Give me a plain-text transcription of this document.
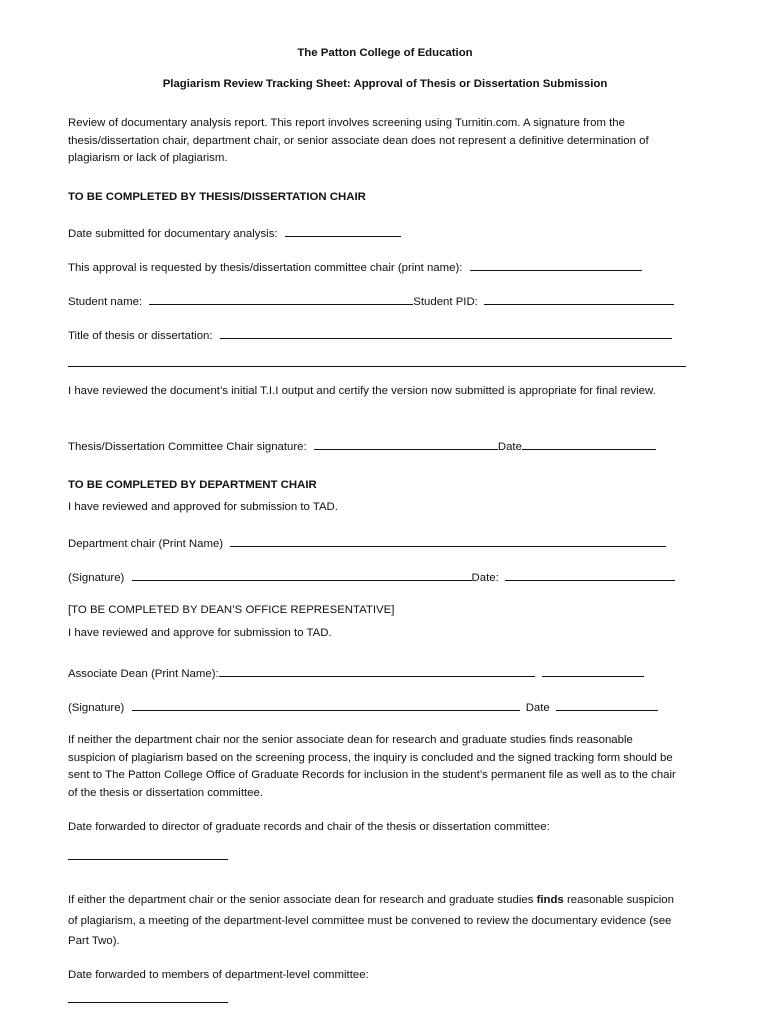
The Patton College of Education
Plagiarism Review Tracking Sheet: Approval of Thesis or Dissertation Submission
Review of documentary analysis report. This report involves screening using Turnitin.com. A signature from the thesis/dissertation chair, department chair, or senior associate dean does not represent a definitive determination of plagiarism or lack of plagiarism.
TO BE COMPLETED BY THESIS/DISSERTATION CHAIR
Date submitted for documentary analysis:
This approval is requested by thesis/dissertation committee chair (print name):
Student name:	Student PID:
Title of thesis or dissertation:
I have reviewed the document’s initial T.I.I output and certify the version now submitted is appropriate for final review.
Thesis/Dissertation Committee Chair signature:	Date
TO BE COMPLETED BY DEPARTMENT CHAIR
I have reviewed and approved for submission to TAD.
Department chair (Print Name)
(Signature)	Date:
[TO BE COMPLETED BY DEAN’S OFFICE REPRESENTATIVE]
I have reviewed and approve for submission to TAD.
Associate Dean (Print Name):
(Signature)	Date
If neither the department chair nor the senior associate dean for research and graduate studies finds reasonable suspicion of plagiarism based on the screening process, the inquiry is concluded and the signed tracking form should be sent to The Patton College Office of Graduate Records for inclusion in the student’s permanent file as well as to the chair of the thesis or dissertation committee.
Date forwarded to director of graduate records and chair of the thesis or dissertation committee:
If either the department chair or the senior associate dean for research and graduate studies finds reasonable suspicion of plagiarism, a meeting of the department-level committee must be convened to review the documentary evidence (see Part Two).
Date forwarded to members of department-level committee:
